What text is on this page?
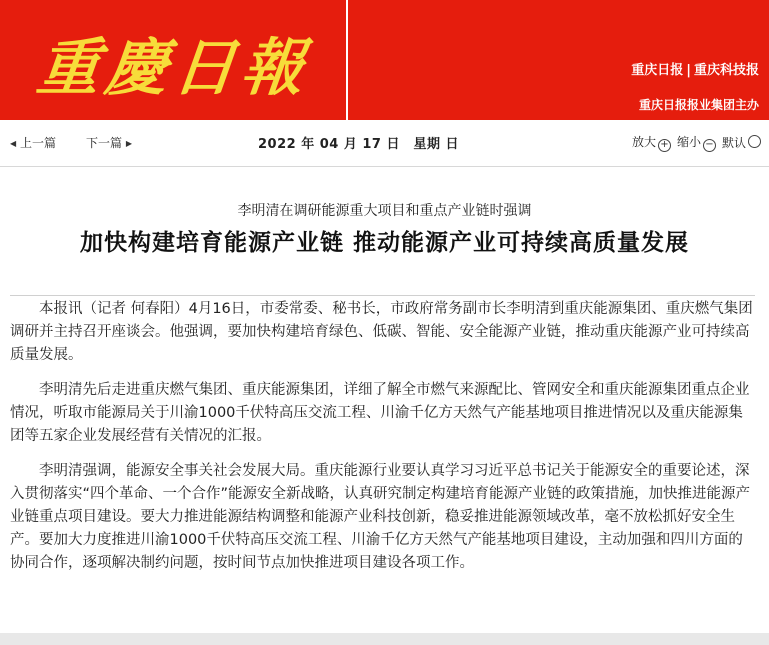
重慶日報	重庆日报 | 重庆科技报
重庆日报报业集团主办
◀ 上一篇	下一篇 ▶	2022 年 04 月 17 日　星期 日	放大 + 缩小 − 默认
李明清在调研能源重大项目和重点产业链时强调
加快构建培育能源产业链 推动能源产业可持续高质量发展

本报讯（记者 何春阳）4月16日，市委常委、秘书长，市政府常务副市长李明清到重庆能源集团、重庆燃气集团调研并主持召开座谈会。他强调，要加快构建培育绿色、低碳、智能、安全能源产业链，推动重庆能源产业可持续高质量发展。

李明清先后走进重庆燃气集团、重庆能源集团，详细了解全市燃气来源配比、管网安全和重庆能源集团重点企业情况，听取市能源局关于川渝1000千伏特高压交流工程、川渝千亿方天然气产能基地项目推进情况以及重庆能源集团等五家企业发展经营有关情况的汇报。

李明清强调，能源安全事关社会发展大局。重庆能源行业要认真学习习近平总书记关于能源安全的重要论述，深入贯彻落实“四个革命、一个合作”能源安全新战略，认真研究制定构建培育能源产业链的政策措施，加快推进能源产业链重点项目建设。要大力推进能源结构调整和能源产业科技创新，稳妥推进能源领域改革，毫不放松抓好安全生产。要加大力度推进川渝1000千伏特高压交流工程、川渝千亿方天然气产能基地项目建设，主动加强和四川方面的协同合作，逐项解决制约问题，按时间节点加快推进项目建设各项工作。
